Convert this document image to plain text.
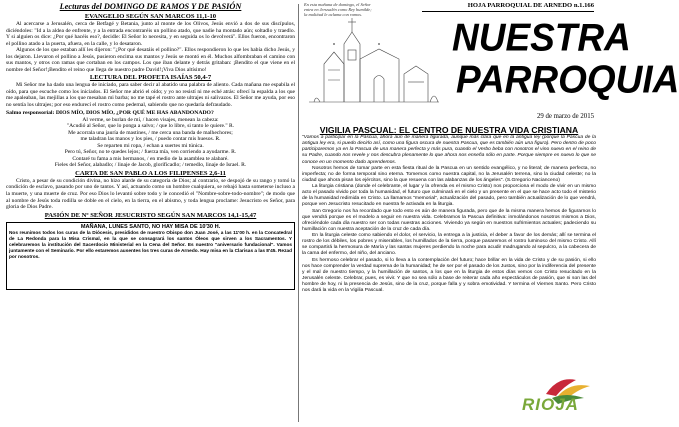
Lecturas del DOMINGO DE RAMOS Y DE PASIÓN
EVANGELIO SEGÚN SAN MARCOS 11,1-10

Al acercarse a Jerusalén, cerca de Betfagé y Betania, junto al monte de los Olivos, Jesús envió a dos de sus discípulos, diciéndoles: "Id a la aldea de enfrente, y a la entrada encontraréis un pollino atado, que nadie ha montado aún; soltadlo y traedlo. Y si alguien os dice: ¿Por qué hacéis eso?, decidle: El Señor lo necesita, y en seguida os lo devolverá". Ellos fueron, encontraron el pollino atado a la puerta, afuera, en la calle, y lo desataron.

Algunos de los que estaban allí les dijeron: "¿Por qué desatáis el pollino?". Ellos respondieron lo que les había dicho Jesús, y los dejaron. Llevaron el pollino a Jesús, pusieron encima sus mantos y Jesús se montó en él. Muchos alfombraban el camino con sus mantos, y otros con ramas que cortaban en los campos. Los que iban delante y detrás gritaban: ¡Bendito el que viene en el nombre del Señor!¡Bendito el reino que llega de nuestro padre David!¡Viva Dios altísimo!

LECTURA DEL PROFETA ISAÍAS 50,4-7

Mi Señor me ha dado una lengua de iniciado, para saber decir al abatido una palabra de aliento. Cada mañana me espabila el oído, para que escuche como los iniciados. El Señor me abrió el oído; y yo no resistí ni me eché atrás: ofrecí la espalda a los que me apaleaban, las mejillas a los que mesaban mi barba; no me tapé el rostro ante ultrajes ni salivazos. El Señor me ayuda, por eso no sentía los ultrajes; por eso endurecí el rostro como pedernal, sabiendo que no quedaría defraudado.

Salmo responsorial: DIOS MÍO, DIOS MÍO, ¿POR QUÉ ME HAS ABANDONADO?
Al verme, se burlan de mí, / hacen visajes, menean la cabeza:
"Acudió al Señor, que lo ponga a salvo; / que lo libre, si tanto le quiere." R.
Me acorrala una jauría de mastines, / me cerca una banda de malhechores;
me taladran las manos y los pies, / puedo contar mis huesos. R.
Se reparten mi ropa, / echan a suertes mi túnica.
Pero tú, Señor, no te quedes lejos; / fuerza mía, ven corriendo a ayudarme. R.
Contaré tu fama a mis hermanos, / en medio de la asamblea te alabaré.
Fieles del Señor, alabadlo; / linaje de Jacob, glorificadlo; / temedlo, linaje de Israel. R.
CARTA DE SAN PABLO A LOS FILIPENSES 2,6-11

Cristo, a pesar de su condición divina, no hizo alarde de su categoría de Dios; al contrario, se despojó de su rango y tomó la condición de esclavo, pasando por uno de tantos. Y así, actuando como un hombre cualquiera, se rebajó hasta someterse incluso a la muerte, y una muerte de cruz. Por eso Dios lo levantó sobre todo y le concedió el "Nombre-sobre-todo-nombre"; de modo que al nombre de Jesús toda rodilla se doble en el cielo, en la tierra, en el abismo, y toda lengua proclame: Jesucristo es Señor, para gloria de Dios Padre.

PASIÓN DE Nº SEÑOR JESUCRISTO SEGÚN SAN MARCOS 14,1-15,47
MAÑANA, LUNES SANTO, NO HAY MISA DE 10'30 H.

Nos reunimos todos los curas de la Diócesis, presididos de nuestro Obispo don Juan José, a las 11'00 h. en la Concatedral de La Redonda para la Misa Crismal, en la que se consagrará los santos Óleos que sirven a los Sacramentos. Y celebraremos la institución del Sacerdocio Ministerial en la Cena del Señor. Es nuestro "aniversario fundacional". Vamos juntamente con el Seminario. Por ello estaremos ausentes los tres curas de Arnedo. Hay misa en la Clarisas a las 8'45. Rezad por nosotros.

En esta mañana de domingo, el Señor entra en Jerusalén como Rey humilde; la multitud le aclama con ramos.
HOJA PARROQUIAL DE ARNEDO n.1.166
NUESTRA
PARROQUIA
29 de marzo de 2015
VIGILIA PASCUAL: EL CENTRO DE NUESTRA VIDA CRISTIANA

"Vamos a participar en la Pascua, ahora aún de manera figurada, aunque más clara que en la antigua ley (porque la Pascua de la antigua ley era, si puedo decirlo así, como una figura oscura de nuestra Pascua, que es también aún una figura). Pero dentro de poco participaremos ya en la Pascua de una manera perfecta y más pura, cuando el Verbo beba con nosotros el vino nuevo en el reino de su Padre, cuando nos revele y nos descubra plenamente lo que ahora nos enseña sólo en parte. Porque siempre es nuevo lo que se conoce en un momento dado aprendemos.

Nosotros hemos de tomar parte en esta fiesta ritual de la Pascua en un sentido evangélico, y no literal; de manera perfecta, no imperfecta; no de forma temporal sino eterna. Tomemos como nuestra capital, no la Jerusalén terrena, sino la ciudad celeste; no la ciudad que ahora pisan los ejércitos, sino la que resuena con las alabanzas de los ángeles". (S.Gregorio Nacianceno)

La liturgia cristiana (donde el celebrante, el lugar y la ofrenda es el mismo Cristo) nos proporciona el modo de vivir en un mismo acto el pasado vivido por toda la humanidad, el futuro que culminará en el cielo y un presente en el que se hace acto todo el misterio de la humanidad redimida en Cristo. La llamamos "memorial", actualización del pasado, pero también actualización de lo que vendrá, porque ven Jesucristo resucitado en nuestra fe activada en la liturgia.

San Gregorio nos ha recordado que todo esto es aún de manera figurada, pero que de la misma manera hemos de figurarnos lo que vendrá porque es el modelo a seguir en nuestra vida. Celebramos la Pascua definitiva: inmolándonos nosotros mismos a Dios, ofreciéndole cada día nuestro ser con todas nuestras acciones. Viviendo ya según en nuestros sufrimientos actuales; padeciendo su humillación con nuestra aceptación de la cruz de cada día.

En la liturgia celeste como sabiendo el dolor, el servicio, la entrega a la justicia, el deber a favor de los demás; allí se termina el rostro de los débiles, los pobres y miserables, los humillados de la tierra, porque pasaremos el rostro luminoso del mismo Cristo. Allí se compartirá la hermosura de María y las santas mujeres perdiendo la noche para acudir madrugando al sepulcro, a la cabecera de la cama del enfermo, del niño, del anciano.

Es hermoso celebrar el pasado, si lo lleva a la contemplación del futuro; hace brillar en la vida de Cristo y de su pasión, si ello nos hace comprender la verdad suprema de la humanidad; he de ser por el pasado de los Justos, sino por la indiferencia del presente y el mal de nuestro tiempo, y la humillación de santos, a los que en la liturgia de estos días vemos con Cristo resucitado en la Jerusalén celeste. Celebrar, pues, es vivir. Y que no sea sólo a base de reiterar cada año espectáculos de pasión, que ni son las del hombre de hoy, ni la presencia de Jesús, sino de la cruz, porque falla y y sobra emotividad. Y termina el Viernes Santo. Pero Cristo nos dará la vida en la Vigilia Pascual.

RIOJA
